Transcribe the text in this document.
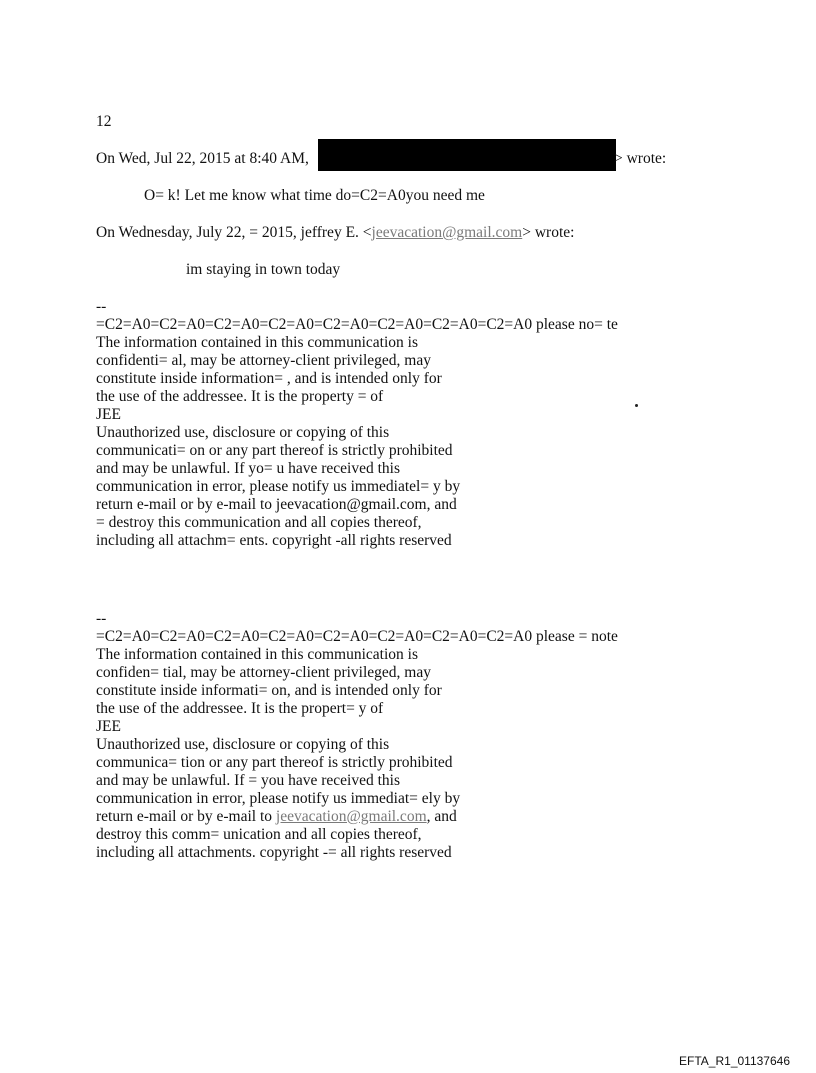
12
On Wed, Jul 22, 2015 at 8:40 AM,	> wrote:
O= k! Let me know what time do=C2=A0you need me
On Wednesday, July 22, = 2015, jeffrey E. <jeevacation@gmail.com> wrote:
im staying in town today
--
=C2=A0=C2=A0=C2=A0=C2=A0=C2=A0=C2=A0=C2=A0=C2=A0 please no= te
The information contained in this communication is
confidenti= al, may be attorney-client privileged, may
constitute inside information= , and is intended only for
the use of the addressee. It is the property = of
JEE
Unauthorized use, disclosure or copying of this
communicati= on or any part thereof is strictly prohibited
and may be unlawful. If yo= u have received this
communication in error, please notify us immediatel= y by
return e-mail or by e-mail to jeevacation@gmail.com, and
= destroy this communication and all copies thereof,
including all attachm= ents. copyright -all rights reserved
--
=C2=A0=C2=A0=C2=A0=C2=A0=C2=A0=C2=A0=C2=A0=C2=A0 please = note
The information contained in this communication is
confiden= tial, may be attorney-client privileged, may
constitute inside informati= on, and is intended only for
the use of the addressee. It is the propert= y of
JEE
Unauthorized use, disclosure or copying of this
communica= tion or any part thereof is strictly prohibited
and may be unlawful. If = you have received this
communication in error, please notify us immediat= ely by
return e-mail or by e-mail to jeevacation@gmail.com, and
destroy this comm= unication and all copies thereof,
including all attachments. copyright -= all rights reserved
EFTA_R1_01137646
